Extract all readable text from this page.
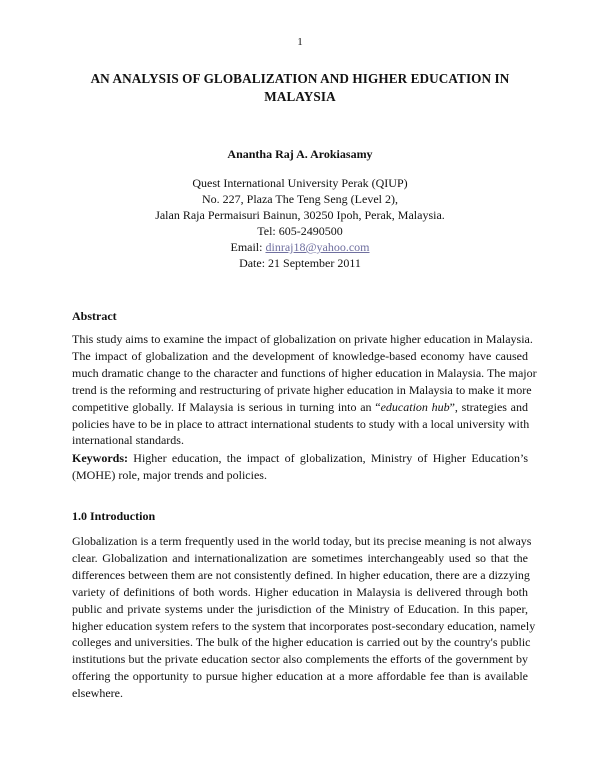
1
AN ANALYSIS OF GLOBALIZATION AND HIGHER EDUCATION IN
MALAYSIA
Anantha Raj A. Arokiasamy
Quest International University Perak (QIUP)
No. 227, Plaza The Teng Seng (Level 2),
Jalan Raja Permaisuri Bainun, 30250 Ipoh, Perak, Malaysia.
Tel: 605-2490500
Email: dinraj18@yahoo.com
Date: 21 September 2011
Abstract
This study aims to examine the impact of globalization on private higher education in Malaysia.
The impact of globalization and the development of knowledge-based economy have caused
much dramatic change to the character and functions of higher education in Malaysia. The major
trend is the reforming and restructuring of private higher education in Malaysia to make it more
competitive globally. If Malaysia is serious in turning into an “education hub”, strategies and
policies have to be in place to attract international students to study with a local university with
international standards.
Keywords: Higher education, the impact of globalization, Ministry of Higher Education’s
(MOHE) role, major trends and policies.
1.0 Introduction
Globalization is a term frequently used in the world today, but its precise meaning is not always
clear. Globalization and internationalization are sometimes interchangeably used so that the
differences between them are not consistently defined. In higher education, there are a dizzying
variety of definitions of both words. Higher education in Malaysia is delivered through both
public and private systems under the jurisdiction of the Ministry of Education. In this paper,
higher education system refers to the system that incorporates post-secondary education, namely
colleges and universities. The bulk of the higher education is carried out by the country's public
institutions but the private education sector also complements the efforts of the government by
offering the opportunity to pursue higher education at a more affordable fee than is available
elsewhere.
